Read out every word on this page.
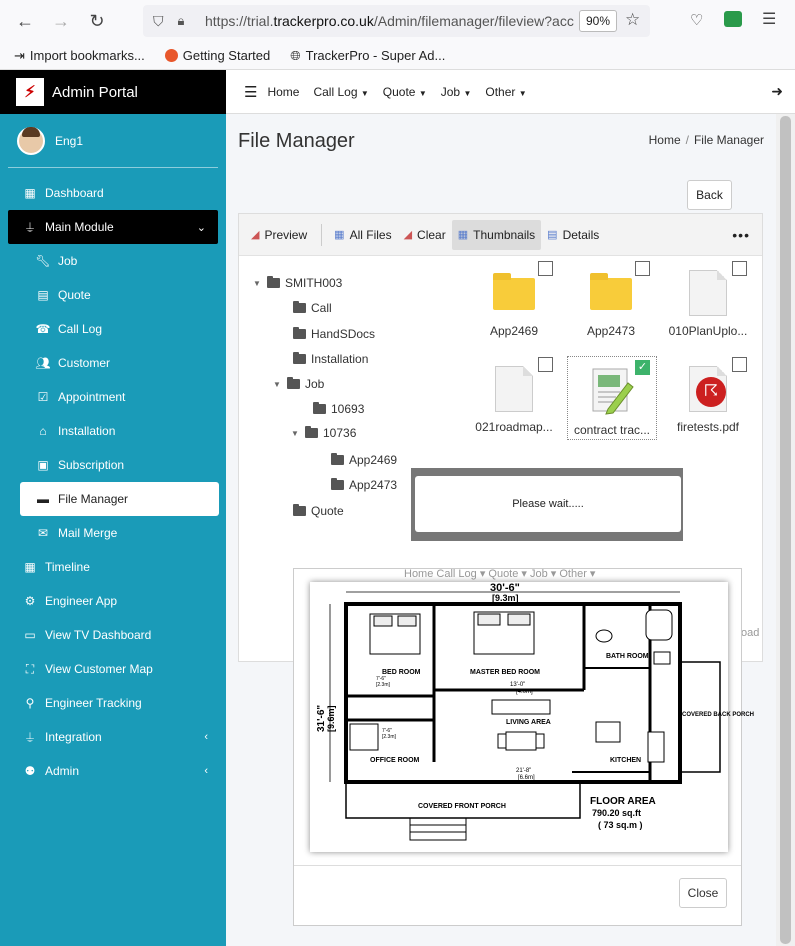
←	→	↻	⛉ 🔒︎ https://trial.trackerpro.co.uk/Admin/filemanager/fileview?acc	90% ☆	♡	☰
⇥ Import bookmarks...	Getting Started 🌐︎ TrackerPro - Super Ad...
⚡︎	Admin Portal
Eng1
▦ Dashboard
⏚ Main Module	⌄
🔧︎ Job
▤ Quote
☎︎ Call Log
👥︎ Customer
☑ Appointment
⌂ Installation
▣ Subscription
▬ File Manager
✉︎ Mail Merge
▦ Timeline
⚙︎ Engineer App
▭ View TV Dashboard
⛶ View Customer Map
⚲ Engineer Tracking
⏚ Integration	‹
⚉ Admin	‹
☰ Home Call Log ▼ Quote ▼ Job ▼ Other ▼	➜
File Manager	Home / File Manager
Back
◢ Preview ▦ All Files ◢ Clear ▦ Thumbnails ▤ Details	•••
▼	SMITH003
Call
HandSDocs
Installation
▼	Job
10693
▼	10736
App2469
App2473
Quote
App2469	App2473	010PlanUplo...
021roadmap...
✓
contract trac...
☈
firetests.pdf
Please wait.....
oad
Home Call Log ▾ Quote ▾ Job ▾ Other ▾
30'-6"
[9.3m]
31'-6" [9.6m]
BED ROOM	MASTER BED ROOM
BATH ROOM
LIVING AREA
OFFICE ROOM	KITCHEN
COVERED BACK PORCH
COVERED FRONT PORCH
13'-0"
[4.0m]
21'-8"
[6.6m]
7'-6"
[2.3m]
7'-6"
[2.3m]
FLOOR AREA
790.20 sq.ft
( 73 sq.m )
Close
